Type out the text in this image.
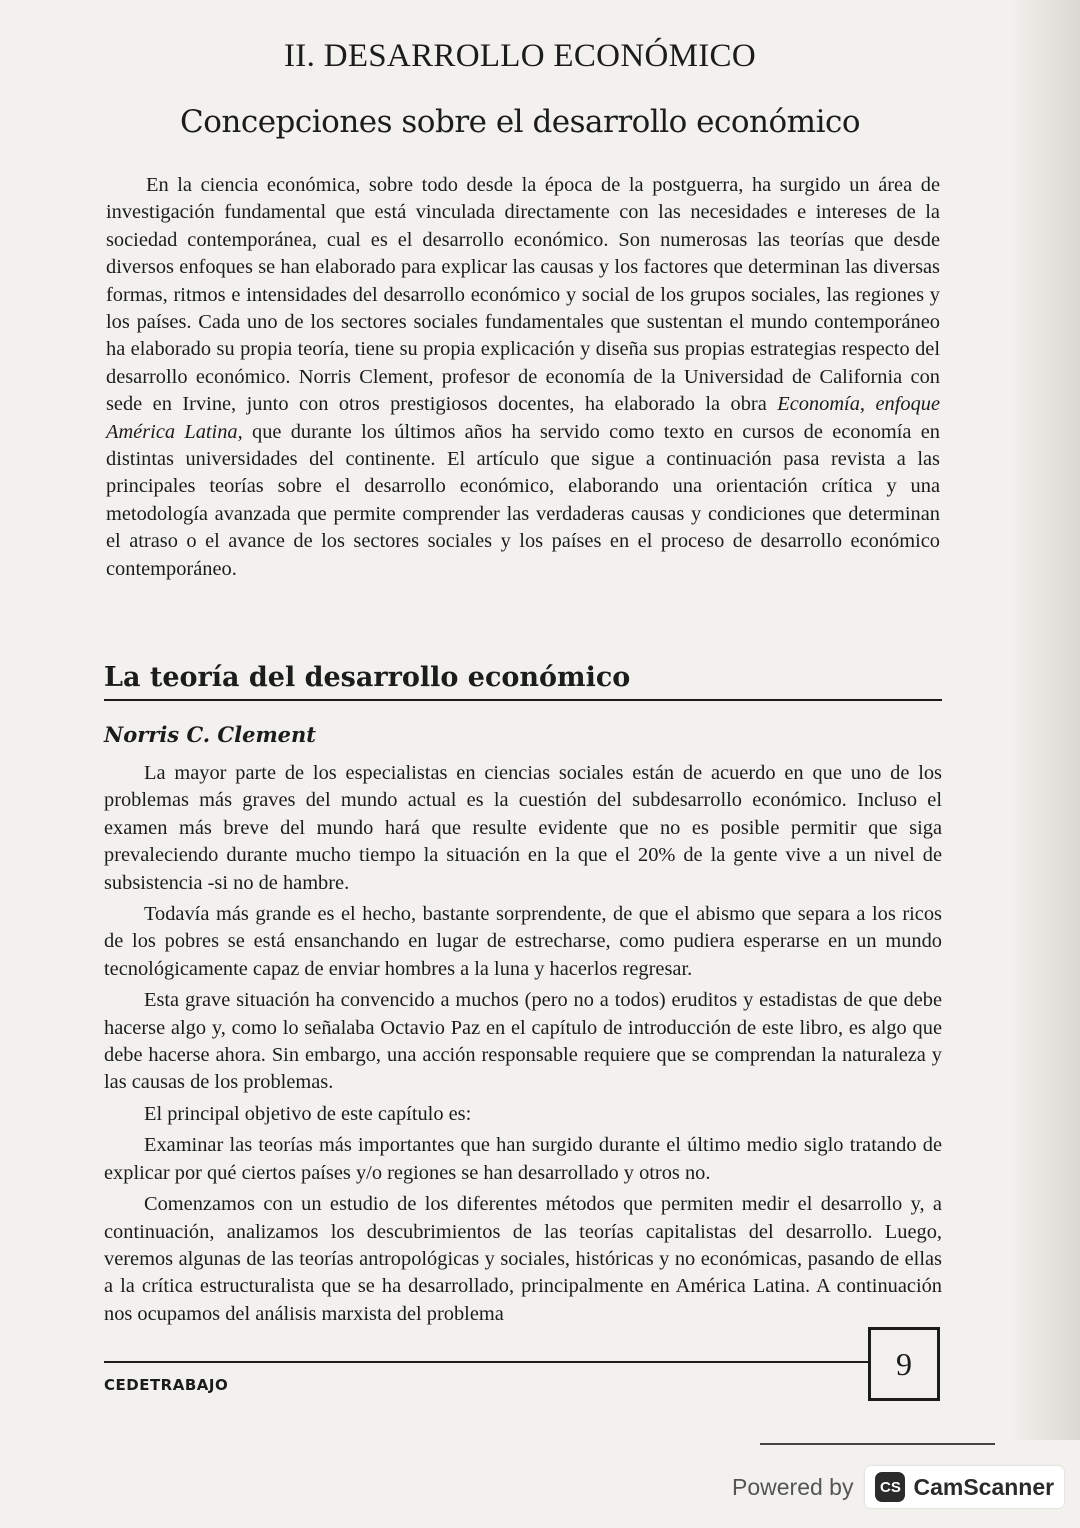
II. DESARROLLO ECONÓMICO
Concepciones sobre el desarrollo económico

En la ciencia económica, sobre todo desde la época de la postguerra, ha surgido un área de investigación fundamental que está vinculada directamente con las necesidades e intereses de la sociedad contemporánea, cual es el desarrollo económico. Son numerosas las teorías que desde diversos enfoques se han elaborado para explicar las causas y los factores que determinan las diversas formas, ritmos e intensidades del desarrollo económico y social de los grupos sociales, las regiones y los países. Cada uno de los sectores sociales fundamentales que sustentan el mundo contemporáneo ha elaborado su propia teoría, tiene su propia explicación y diseña sus propias estrategias respecto del desarrollo económico. Norris Clement, profesor de economía de la Universidad de California con sede en Irvine, junto con otros prestigiosos docentes, ha elaborado la obra Economía, enfoque América Latina, que durante los últimos años ha servido como texto en cursos de economía en distintas universidades del continente. El artículo que sigue a continuación pasa revista a las principales teorías sobre el desarrollo económico, elaborando una orientación crítica y una metodología avanzada que permite comprender las verdaderas causas y condiciones que determinan el atraso o el avance de los sectores sociales y los países en el proceso de desarrollo económico contemporáneo.

La teoría del desarrollo económico
Norris C. Clement

La mayor parte de los especialistas en ciencias sociales están de acuerdo en que uno de los problemas más graves del mundo actual es la cuestión del subdesarrollo económico. Incluso el examen más breve del mundo hará que resulte evidente que no es posible permitir que siga prevaleciendo durante mucho tiempo la situación en la que el 20% de la gente vive a un nivel de subsistencia -si no de hambre.

Todavía más grande es el hecho, bastante sorprendente, de que el abismo que separa a los ricos de los pobres se está ensanchando en lugar de estrecharse, como pudiera esperarse en un mundo tecnológicamente capaz de enviar hombres a la luna y hacerlos regresar.

Esta grave situación ha convencido a muchos (pero no a todos) eruditos y estadistas de que debe hacerse algo y, como lo señalaba Octavio Paz en el capítulo de introducción de este libro, es algo que debe hacerse ahora. Sin embargo, una acción responsable requiere que se comprendan la naturaleza y las causas de los problemas.

El principal objetivo de este capítulo es:

Examinar las teorías más importantes que han surgido durante el último medio siglo tratando de explicar por qué ciertos países y/o regiones se han desarrollado y otros no.

Comenzamos con un estudio de los diferentes métodos que permiten medir el desarrollo y, a continuación, analizamos los descubrimientos de las teorías capitalistas del desarrollo. Luego, veremos algunas de las teorías antropológicas y sociales, históricas y no económicas, pasando de ellas a la crítica estructuralista que se ha desarrollado, principalmente en América Latina. A continuación nos ocupamos del análisis marxista del problema

CEDETRABAJO
9
Powered by	CS CamScanner
